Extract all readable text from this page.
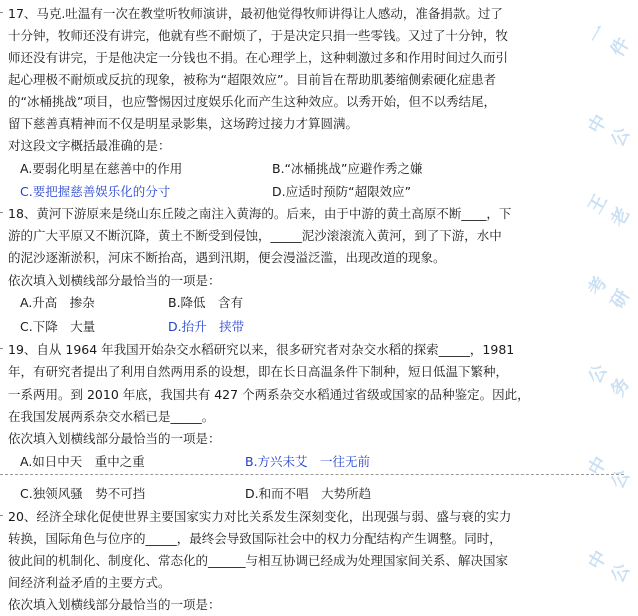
17、马克.吐温有一次在教堂听牧师演讲，最初他觉得牧师讲得让人感动，准备捐款。过了
十分钟，牧师还没有讲完，他就有些不耐烦了，于是决定只捐一些零钱。又过了十分钟，牧
师还没有讲完，于是他决定一分钱也不捐。在心理学上，这种刺激过多和作用时间过久而引
起心理极不耐烦或反抗的现象，被称为“超限效应”。目前旨在帮助肌萎缩侧索硬化症患者
的“冰桶挑战”项目，也应警惕因过度娱乐化而产生这种效应。以秀开始，但不以秀结尾，
留下慈善真精神而不仅是明星录影集，这场跨过接力才算圆满。
对这段文字概括最准确的是：
A.要弱化明星在慈善中的作用	B.“冰桶挑战”应避作秀之嫌
C.要把握慈善娱乐化的分寸	D.应适时预防“超限效应”
18、黄河下游原来是绕山东丘陵之南注入黄海的。后来，由于中游的黄土高原不断____，下
游的广大平原又不断沉降，黄土不断受到侵蚀，_____泥沙滚滚流入黄河，到了下游，水中
的泥沙逐渐淤积，河床不断抬高，遇到汛期，便会漫溢泛滥，出现改道的现象。
依次填入划横线部分最恰当的一项是：
A.升高　掺杂	B.降低　含有
C.下降　大量	D.抬升　挟带
19、自从 1964 年我国开始杂交水稻研究以来，很多研究者对杂交水稻的探索_____，1981
年，有研究者提出了利用自然两用系的设想，即在长日高温条件下制种，短日低温下繁种，
一系两用。到 2010 年底，我国共有 427 个两系杂交水稻通过省级或国家的品种鉴定。因此，
在我国发展两系杂交水稻已是_____。
依次填入划横线部分最恰当的一项是：
A.如日中天　重中之重	B.方兴未艾　一往无前
C.独领风骚　势不可挡	D.和而不唱　大势所趋
20、经济全球化促使世界主要国家实力对比关系发生深刻变化，出现强与弱、盛与衰的实力
转换，国际角色与位序的_____，最终会导致国际社会中的权力分配结构产生调整。同时，
彼此间的机制化、制度化、常态化的______与相互协调已经成为处理国家间关系、解决国家
间经济利益矛盾的主要方式。
依次填入划横线部分最恰当的一项是：
一件
中公
王老
考研
公务
中公
中公
